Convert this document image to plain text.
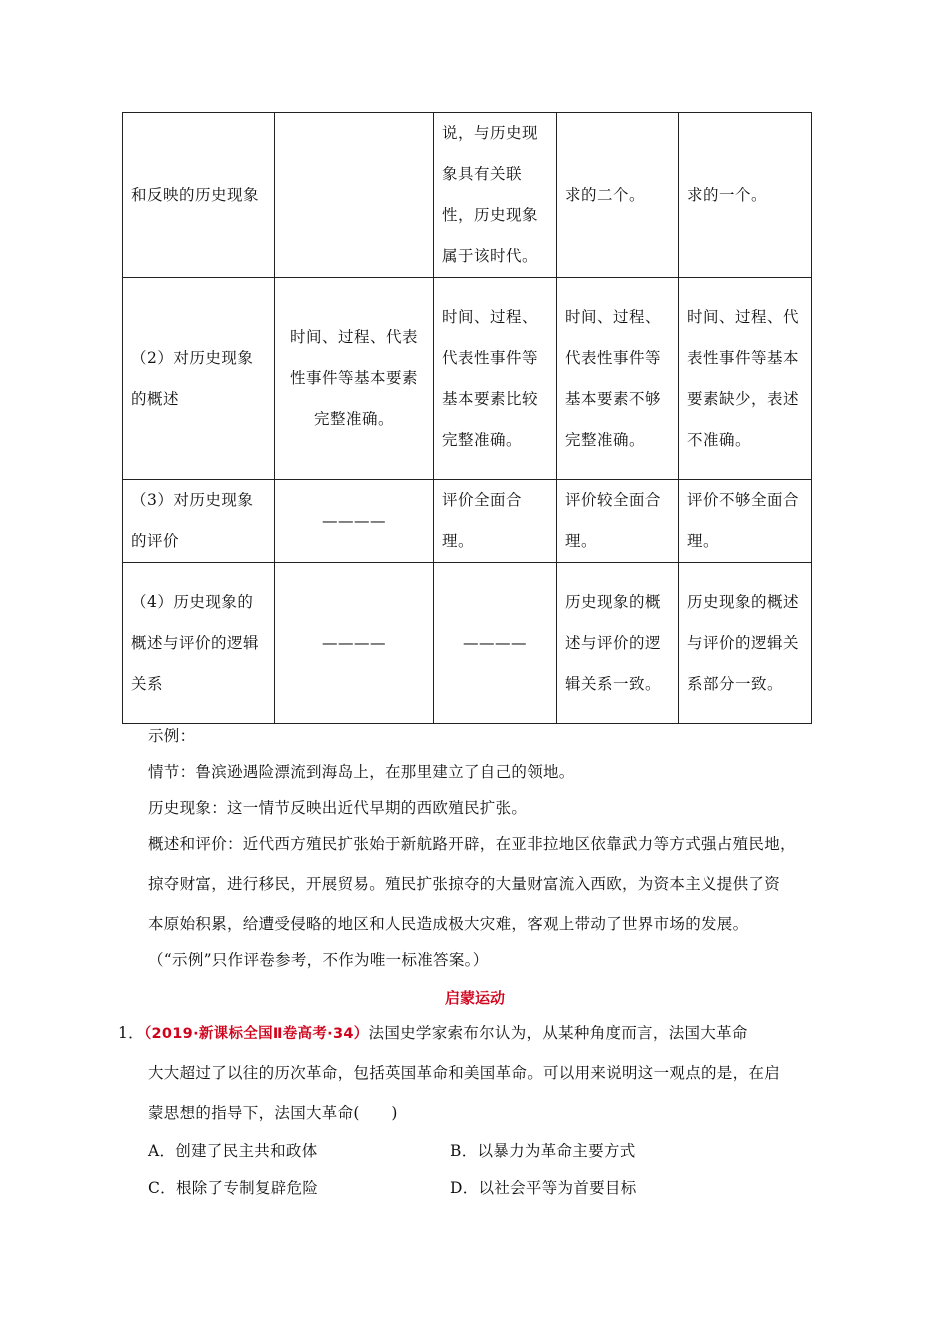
和反映的历史现象		说，与历史现象具有关联性，历史现象属于该时代。	求的二个。	求的一个。
（2）对历史现象的概述	时间、过程、代表性事件等基本要素完整准确。	时间、过程、代表性事件等基本要素比较完整准确。	时间、过程、代表性事件等基本要素不够完整准确。	时间、过程、代表性事件等基本要素缺少，表述不准确。
（3）对历史现象的评价	————	评价全面合理。	评价较全面合理。	评价不够全面合理。
（4）历史现象的概述与评价的逻辑关系	————	————	历史现象的概述与评价的逻辑关系一致。	历史现象的概述与评价的逻辑关系部分一致。
示例：
情节：鲁滨逊遇险漂流到海岛上，在那里建立了自己的领地。
历史现象：这一情节反映出近代早期的西欧殖民扩张。
概述和评价：近代西方殖民扩张始于新航路开辟，在亚非拉地区依靠武力等方式强占殖民地，
掠夺财富，进行移民，开展贸易。殖民扩张掠夺的大量财富流入西欧，为资本主义提供了资
本原始积累，给遭受侵略的地区和人民造成极大灾难，客观上带动了世界市场的发展。
（“示例”只作评卷参考，不作为唯一标准答案。）
启蒙运动
1．（2019·新课标全国Ⅱ卷高考·34）法国史学家索布尔认为，从某种角度而言，法国大革命
大大超过了以往的历次革命，包括英国革命和美国革命。可以用来说明这一观点的是，在启
蒙思想的指导下，法国大革命(　　)
A．创建了民主共和政体	B．以暴力为革命主要方式
C．根除了专制复辟危险	D．以社会平等为首要目标
